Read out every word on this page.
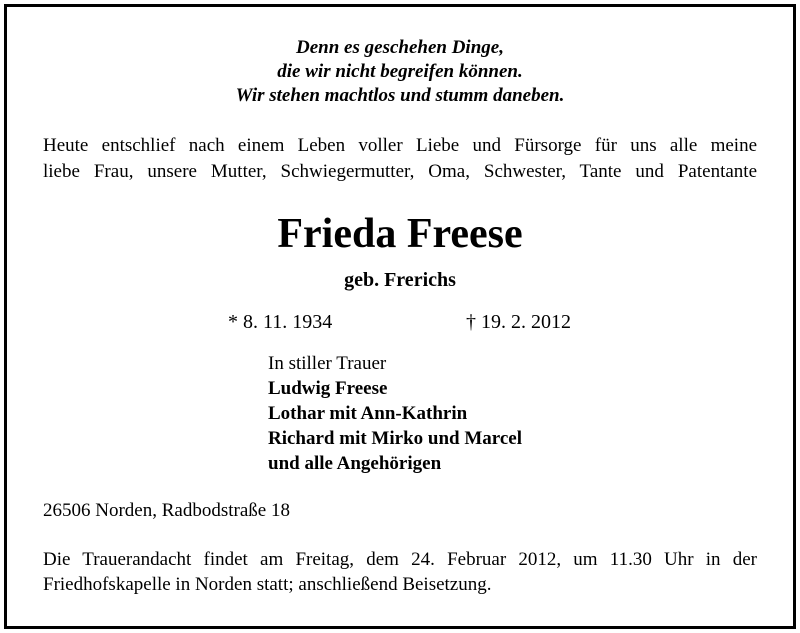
Denn es geschehen Dinge,
die wir nicht begreifen können.
Wir stehen machtlos und stumm daneben.
Heute entschlief nach einem Leben voller Liebe und Fürsorge für uns alle meine
liebe Frau, unsere Mutter, Schwiegermutter, Oma, Schwester, Tante und Patentante
Frieda Freese
geb. Frerichs
* 8. 11. 1934	† 19. 2. 2012
In stiller Trauer
Ludwig Freese
Lothar mit Ann-Kathrin
Richard mit Mirko und Marcel
und alle Angehörigen
26506 Norden, Radbodstraße 18
Die Trauerandacht findet am Freitag, dem 24. Februar 2012, um 11.30 Uhr in der
Friedhofskapelle in Norden statt; anschließend Beisetzung.
